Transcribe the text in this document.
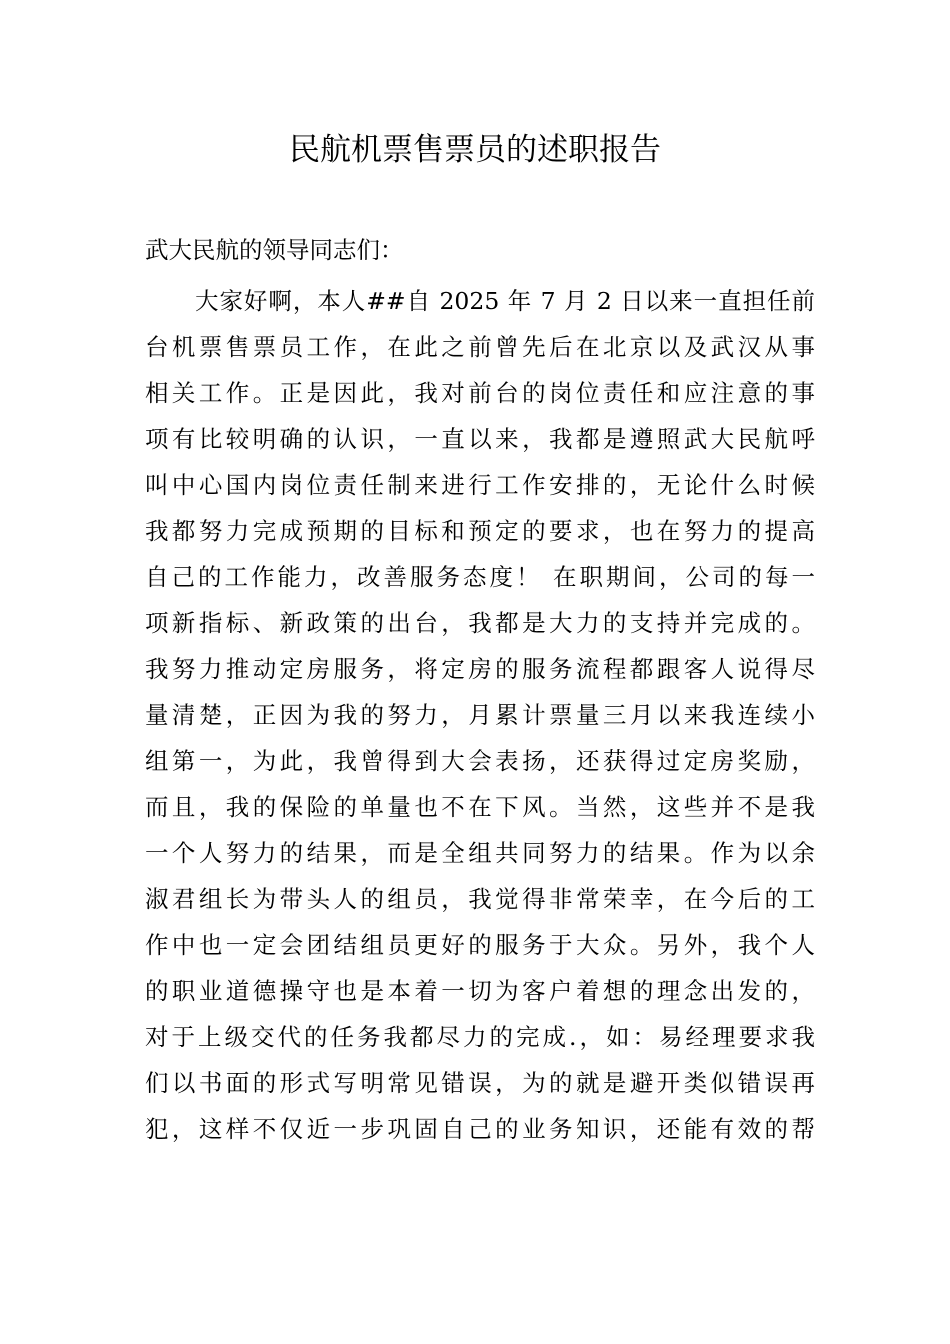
民航机票售票员的述职报告

武大民航的领导同志们：

大家好啊，本人##自 2025 年 7 月 2 日以来一直担任前
台机票售票员工作，在此之前曾先后在北京以及武汉从事
相关工作。正是因此，我对前台的岗位责任和应注意的事
项有比较明确的认识，一直以来，我都是遵照武大民航呼
叫中心国内岗位责任制来进行工作安排的，无论什么时候
我都努力完成预期的目标和预定的要求，也在努力的提高
自己的工作能力，改善服务态度！ 在职期间，公司的每一
项新指标、新政策的出台，我都是大力的支持并完成的。
我努力推动定房服务，将定房的服务流程都跟客人说得尽
量清楚，正因为我的努力，月累计票量三月以来我连续小
组第一，为此，我曾得到大会表扬，还获得过定房奖励，
而且，我的保险的单量也不在下风。当然，这些并不是我
一个人努力的结果，而是全组共同努力的结果。作为以余
淑君组长为带头人的组员，我觉得非常荣幸，在今后的工
作中也一定会团结组员更好的服务于大众。另外，我个人
的职业道德操守也是本着一切为客户着想的理念出发的，
对于上级交代的任务我都尽力的完成.，如：易经理要求我
们以书面的形式写明常见错误，为的就是避开类似错误再
犯，这样不仅近一步巩固自己的业务知识，还能有效的帮
